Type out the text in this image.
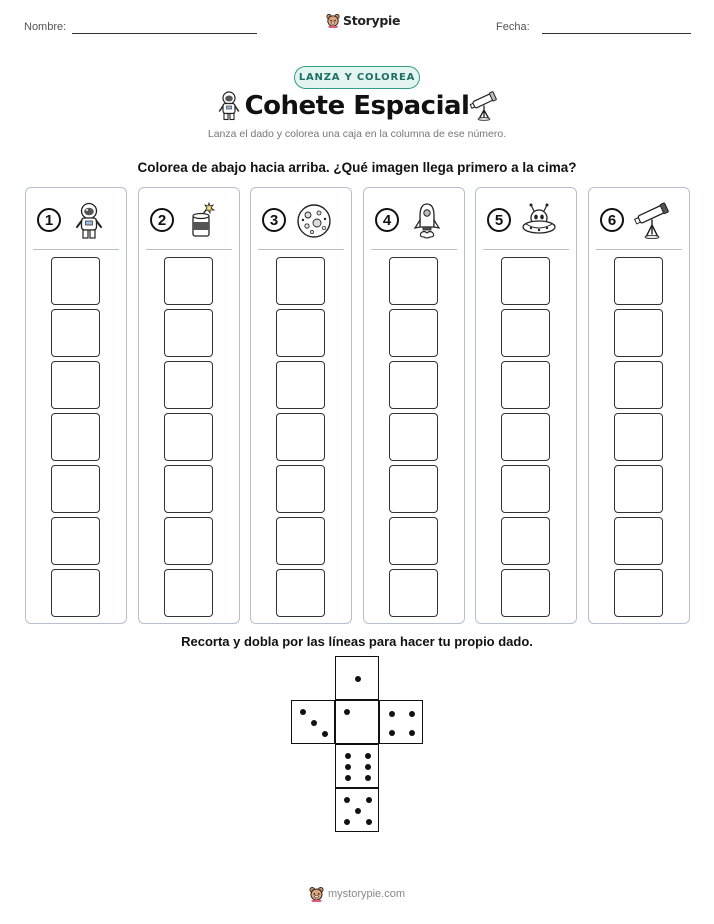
Nombre:	Storypie	Fecha:
LANZA Y COLOREA
Cohete Espacial
Lanza el dado y colorea una caja en la columna de ese número.
Colorea de abajo hacia arriba. ¿Qué imagen llega primero a la cima?
1	2	3	4	5	6
Recorta y dobla por las líneas para hacer tu propio dado.
mystorypie.com
